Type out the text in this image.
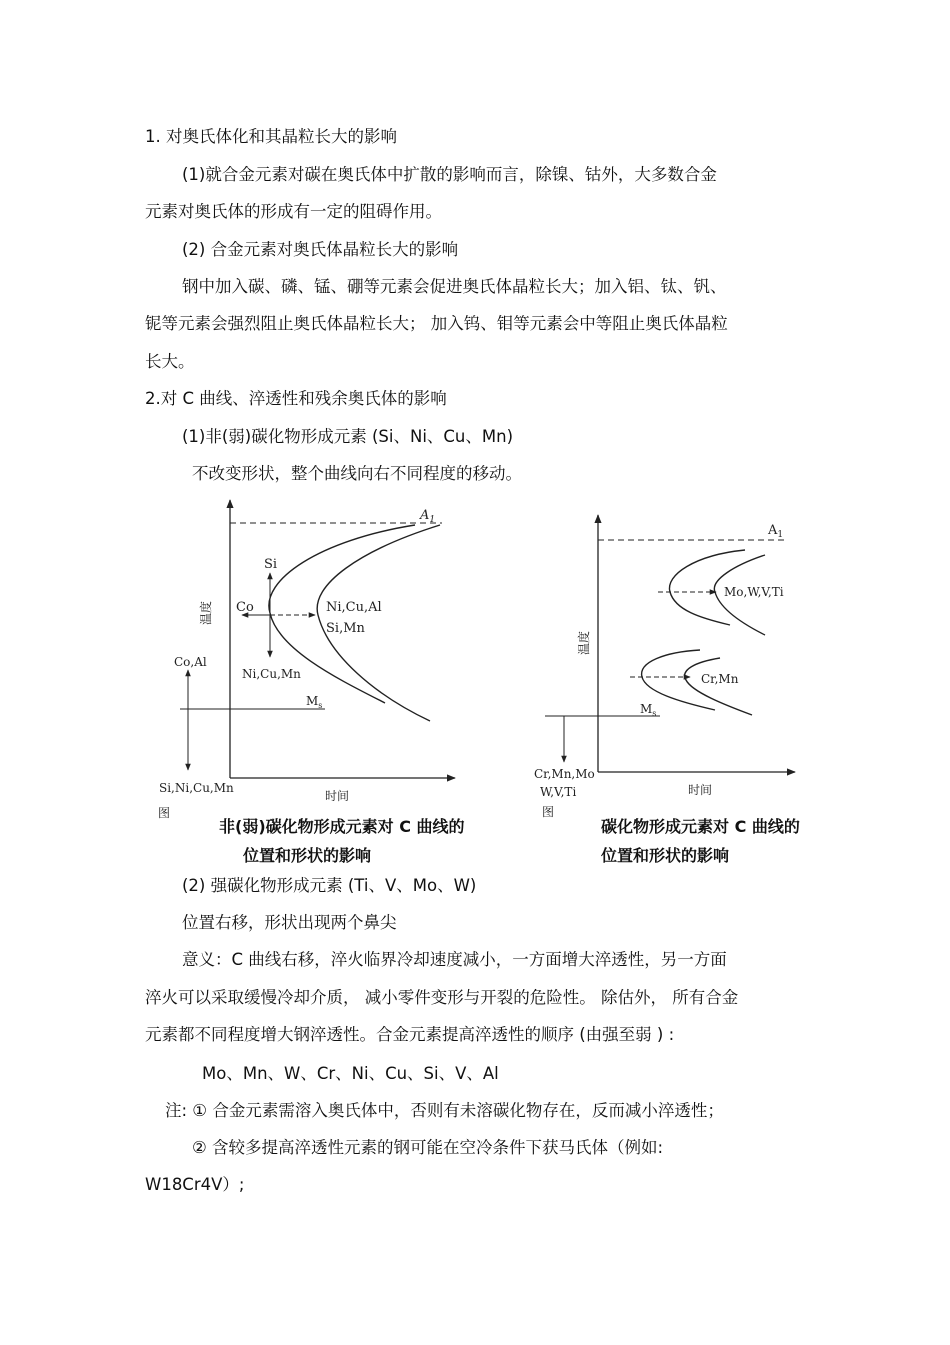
1. 对奥氏体化和其晶粒长大的影响
(1)就合金元素对碳在奥氏体中扩散的影响而言，除镍、钴外，大多数合金
元素对奥氏体的形成有一定的阻碍作用。
(2) 合金元素对奥氏体晶粒长大的影响
钢中加入碳、磷、锰、硼等元素会促进奥氏体晶粒长大；加入铝、钛、钒、
铌等元素会强烈阻止奥氏体晶粒长大； 加入钨、钼等元素会中等阻止奥氏体晶粒
长大。
2.对 C 曲线、淬透性和残余奥氏体的影响
(1)非(弱)碳化物形成元素 (Si、Ni、Cu、Mn)
不改变形状，整个曲线向右不同程度的移动。
$A_1$
$M_s$
Si
Co	Ni,Cu,Al
Si,Mn
Ni,Cu,Mn
Co,Al
Si,Ni,Cu,Mn
温度
时间
图
非(弱)碳化物形成元素对 C 曲线的
位置和形状的影响
$A_1$
$M_s$
Mo,W,V,Ti
Cr,Mn
Cr,Mn,Mo
W,V,Ti
温度
时间
图
碳化物形成元素对 C 曲线的
位置和形状的影响
(2) 强碳化物形成元素 (Ti、V、Mo、W)
位置右移，形状出现两个鼻尖
意义：C 曲线右移，淬火临界冷却速度减小，一方面增大淬透性，另一方面
淬火可以采取缓慢冷却介质， 减小零件变形与开裂的危险性。 除估外， 所有合金
元素都不同程度增大钢淬透性。合金元素提高淬透性的顺序 (由强至弱 ) :
Mo、Mn、W、Cr、Ni、Cu、Si、V、Al
注: ① 合金元素需溶入奥氏体中，否则有未溶碳化物存在，反而减小淬透性；
② 含较多提高淬透性元素的钢可能在空冷条件下获马氏体（例如:
W18Cr4V）;
